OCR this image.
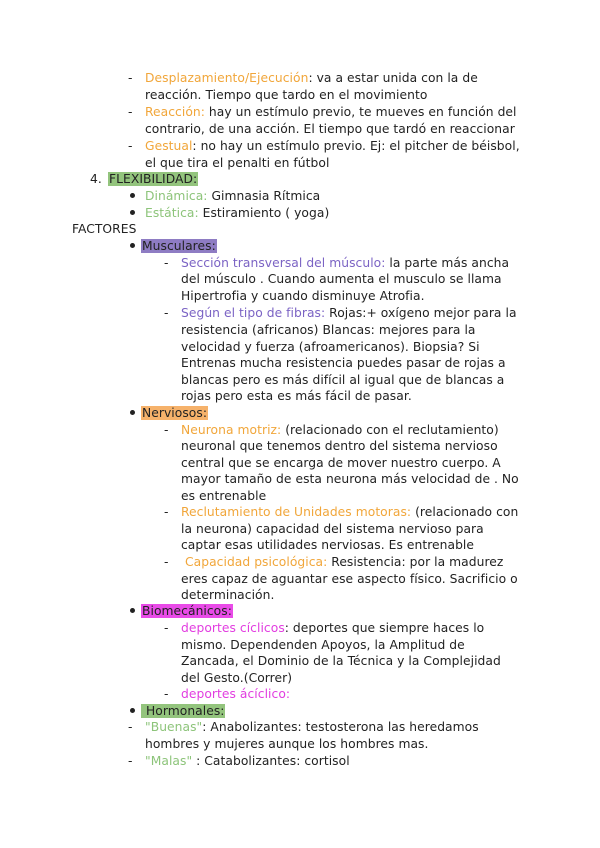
- Desplazamiento/Ejecución: va a estar unida con la de
reacción. Tiempo que tardo en el movimiento
- Reacción: hay un estímulo previo, te mueves en función del
contrario, de una acción. El tiempo que tardó en reaccionar
- Gestual: no hay un estímulo previo. Ej: el pitcher de béisbol,
el que tira el penalti en fútbol
4. FLEXIBILIDAD:
Dinámica: Gimnasia Rítmica
Estática: Estiramiento ( yoga)
FACTORES
Musculares:
- Sección transversal del músculo: la parte más ancha
del músculo . Cuando aumenta el musculo se llama
Hipertrofia y cuando disminuye Atrofia.
- Según el tipo de fibras: Rojas:+ oxígeno mejor para la
resistencia (africanos) Blancas: mejores para la
velocidad y fuerza (afroamericanos). Biopsia? Si
Entrenas mucha resistencia puedes pasar de rojas a
blancas pero es más difícil al igual que de blancas a
rojas pero esta es más fácil de pasar.
Nerviosos:
- Neurona motriz: (relacionado con el reclutamiento)
neuronal que tenemos dentro del sistema nervioso
central que se encarga de mover nuestro cuerpo. A
mayor tamaño de esta neurona más velocidad de . No
es entrenable
- Reclutamiento de Unidades motoras: (relacionado con
la neurona) capacidad del sistema nervioso para
captar esas utilidades nerviosas. Es entrenable
-	Capacidad psicológica: Resistencia: por la madurez
eres capaz de aguantar ese aspecto físico. Sacrificio o
determinación.
Biomecánicos:
- deportes cíclicos: deportes que siempre haces lo
mismo. Dependenden Apoyos, la Amplitud de
Zancada, el Dominio de la Técnica y la Complejidad
del Gesto.(Correr)
- deportes ácíclico:
Hormonales:
- "Buenas": Anabolizantes: testosterona las heredamos
hombres y mujeres aunque los hombres mas.
- "Malas" : Catabolizantes: cortisol
